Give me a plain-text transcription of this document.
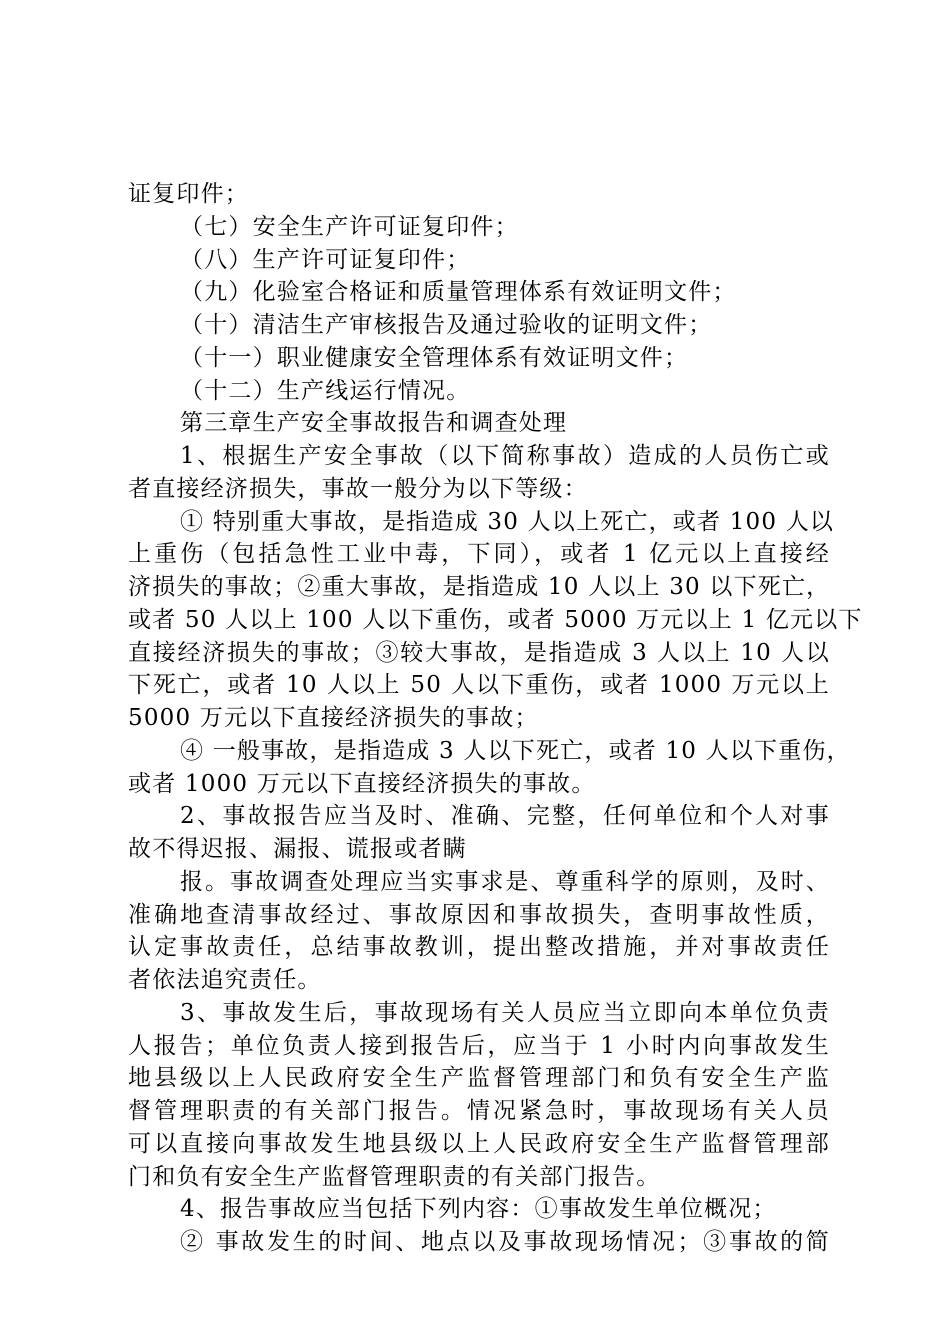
证复印件；
（七）安全生产许可证复印件；
（八）生产许可证复印件；
（九）化验室合格证和质量管理体系有效证明文件；
（十）清洁生产审核报告及通过验收的证明文件；
（十一）职业健康安全管理体系有效证明文件；
（十二）生产线运行情况。
第三章生产安全事故报告和调查处理
1、根据生产安全事故（以下简称事故）造成的人员伤亡或
者直接经济损失，事故一般分为以下等级：
① 特别重大事故，是指造成 30 人以上死亡，或者 100 人以
上重伤（包括急性工业中毒，下同），或者 1 亿元以上直接经
济损失的事故；②重大事故，是指造成 10 人以上 30 以下死亡，
或者 50 人以上 100 人以下重伤，或者 5000 万元以上 1 亿元以下
直接经济损失的事故；③较大事故，是指造成 3 人以上 10 人以
下死亡，或者 10 人以上 50 人以下重伤，或者 1000 万元以上
5000 万元以下直接经济损失的事故；
④ 一般事故，是指造成 3 人以下死亡，或者 10 人以下重伤，
或者 1000 万元以下直接经济损失的事故。
2、事故报告应当及时、准确、完整，任何单位和个人对事
故不得迟报、漏报、谎报或者瞒
报。事故调查处理应当实事求是、尊重科学的原则，及时、
准确地查清事故经过、事故原因和事故损失，查明事故性质，
认定事故责任，总结事故教训，提出整改措施，并对事故责任
者依法追究责任。
3、事故发生后，事故现场有关人员应当立即向本单位负责
人报告；单位负责人接到报告后，应当于 1 小时内向事故发生
地县级以上人民政府安全生产监督管理部门和负有安全生产监
督管理职责的有关部门报告。情况紧急时，事故现场有关人员
可以直接向事故发生地县级以上人民政府安全生产监督管理部
门和负有安全生产监督管理职责的有关部门报告。
4、报告事故应当包括下列内容：①事故发生单位概况；
② 事故发生的时间、地点以及事故现场情况；③事故的简
